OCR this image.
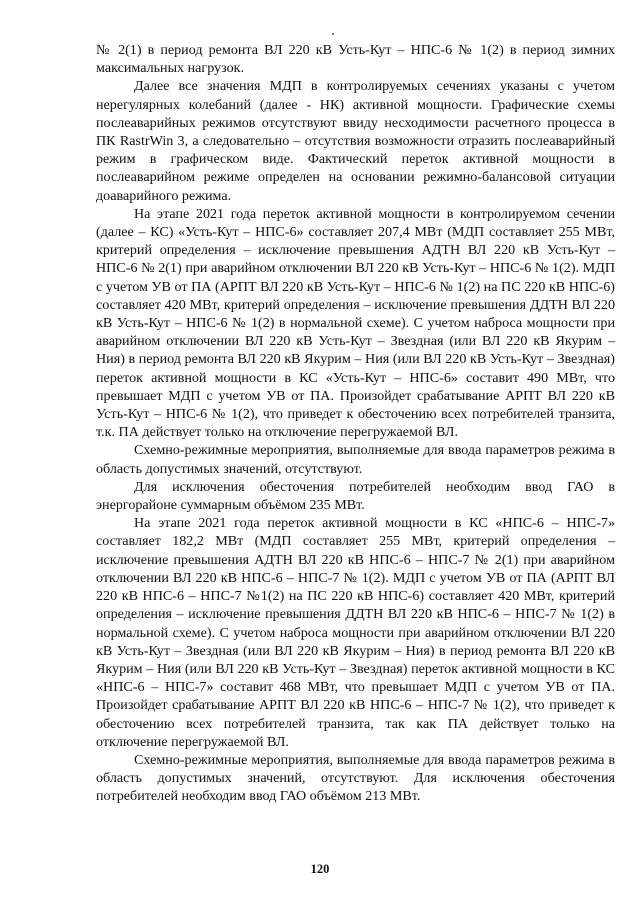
№ 2(1) в период ремонта ВЛ 220 кВ Усть-Кут – НПС-6 № 1(2) в период зимних максимальных нагрузок.

Далее все значения МДП в контролируемых сечениях указаны с учетом нерегулярных колебаний (далее - НК) активной мощности. Графические схемы послеаварийных режимов отсутствуют ввиду несходимости расчетного процесса в ПК RastrWin 3, а следовательно – отсутствия возможности отразить послеаварийный режим в графическом виде. Фактический переток активной мощности в послеаварийном режиме определен на основании режимно-балансовой ситуации доаварийного режима.

На этапе 2021 года переток активной мощности в контролируемом сечении (далее – КС) «Усть-Кут – НПС-6» составляет 207,4 МВт (МДП составляет 255 МВт, критерий определения – исключение превышения АДТН ВЛ 220 кВ Усть-Кут – НПС-6 № 2(1) при аварийном отключении ВЛ 220 кВ Усть-Кут – НПС-6 № 1(2). МДП с учетом УВ от ПА (АРПТ ВЛ 220 кВ Усть-Кут – НПС-6 № 1(2) на ПС 220 кВ НПС-6) составляет 420 МВт, критерий определения – исключение превышения ДДТН ВЛ 220 кВ Усть-Кут – НПС-6 № 1(2) в нормальной схеме). С учетом наброса мощности при аварийном отключении ВЛ 220 кВ Усть-Кут – Звездная (или ВЛ 220 кВ Якурим – Ния) в период ремонта ВЛ 220 кВ Якурим – Ния (или ВЛ 220 кВ Усть-Кут – Звездная) переток активной мощности в КС «Усть-Кут – НПС-6» составит 490 МВт, что превышает МДП с учетом УВ от ПА. Произойдет срабатывание АРПТ ВЛ 220 кВ Усть-Кут – НПС-6 № 1(2), что приведет к обесточению всех потребителей транзита, т.к. ПА действует только на отключение перегружаемой ВЛ.

Схемно-режимные мероприятия, выполняемые для ввода параметров режима в область допустимых значений, отсутствуют.

Для исключения обесточения потребителей необходим ввод ГАО в энергорайоне суммарным объёмом 235 МВт.

На этапе 2021 года переток активной мощности в КС «НПС-6 – НПС-7» составляет 182,2 МВт (МДП составляет 255 МВт, критерий определения – исключение превышения АДТН ВЛ 220 кВ НПС-6 – НПС-7 № 2(1) при аварийном отключении ВЛ 220 кВ НПС-6 – НПС-7 № 1(2). МДП с учетом УВ от ПА (АРПТ ВЛ 220 кВ НПС-6 – НПС-7 №1(2) на ПС 220 кВ НПС-6) составляет 420 МВт, критерий определения – исключение превышения ДДТН ВЛ 220 кВ НПС-6 – НПС-7 № 1(2) в нормальной схеме). С учетом наброса мощности при аварийном отключении ВЛ 220 кВ Усть-Кут – Звездная (или ВЛ 220 кВ Якурим – Ния) в период ремонта ВЛ 220 кВ Якурим – Ния (или ВЛ 220 кВ Усть-Кут – Звездная) переток активной мощности в КС «НПС-6 – НПС-7» составит 468 МВт, что превышает МДП с учетом УВ от ПА. Произойдет срабатывание АРПТ ВЛ 220 кВ НПС-6 – НПС-7 № 1(2), что приведет к обесточению всех потребителей транзита, так как ПА действует только на отключение перегружаемой ВЛ.

Схемно-режимные мероприятия, выполняемые для ввода параметров режима в область допустимых значений, отсутствуют. Для исключения обесточения потребителей необходим ввод ГАО объёмом 213 МВт.

120
